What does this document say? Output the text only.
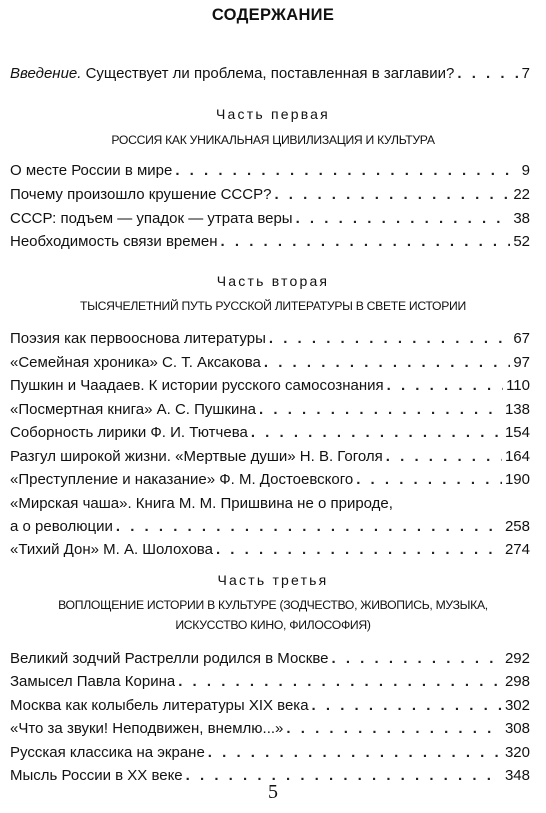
СОДЕРЖАНИЕ
Введение. Существует ли проблема, поставленная в заглавии? . . .	7
Часть первая
РОССИЯ КАК УНИКАЛЬНАЯ ЦИВИЛИЗАЦИЯ И КУЛЬТУРА
О месте России в мире . . .	9
Почему произошло крушение СССР? . . .	22
СССР: подъем — упадок — утрата веры . . .	38
Необходимость связи времен . . .	52
Часть вторая
ТЫСЯЧЕЛЕТНИЙ ПУТЬ РУССКОЙ ЛИТЕРАТУРЫ В СВЕТЕ ИСТОРИИ
Поэзия как первооснова литературы . . .	67
«Семейная хроника» С. Т. Аксакова . . .	97
Пушкин и Чаадаев. К истории русского самосознания . . .	110
«Посмертная книга» А. С. Пушкина . . .	138
Соборность лирики Ф. И. Тютчева . . .	154
Разгул широкой жизни. «Мертвые души» Н. В. Гоголя . . .	164
«Преступление и наказание» Ф. М. Достоевского . . .	190
«Мирская чаша». Книга М. М. Пришвина не о природе,
а о революции . . .	258
«Тихий Дон» М. А. Шолохова . . .	274
Часть третья
ВОПЛОЩЕНИЕ ИСТОРИИ В КУЛЬТУРЕ (ЗОДЧЕСТВО, ЖИВОПИСЬ, МУЗЫКА,
ИСКУССТВО КИНО, ФИЛОСОФИЯ)
Великий зодчий Растрелли родился в Москве . . .	292
Замысел Павла Корина . . .	298
Москва как колыбель литературы XIX века . . .	302
«Что за звуки! Неподвижен, внемлю...» . . .	308
Русская классика на экране . . .	320
Мысль России в XX веке . . .	348
5
